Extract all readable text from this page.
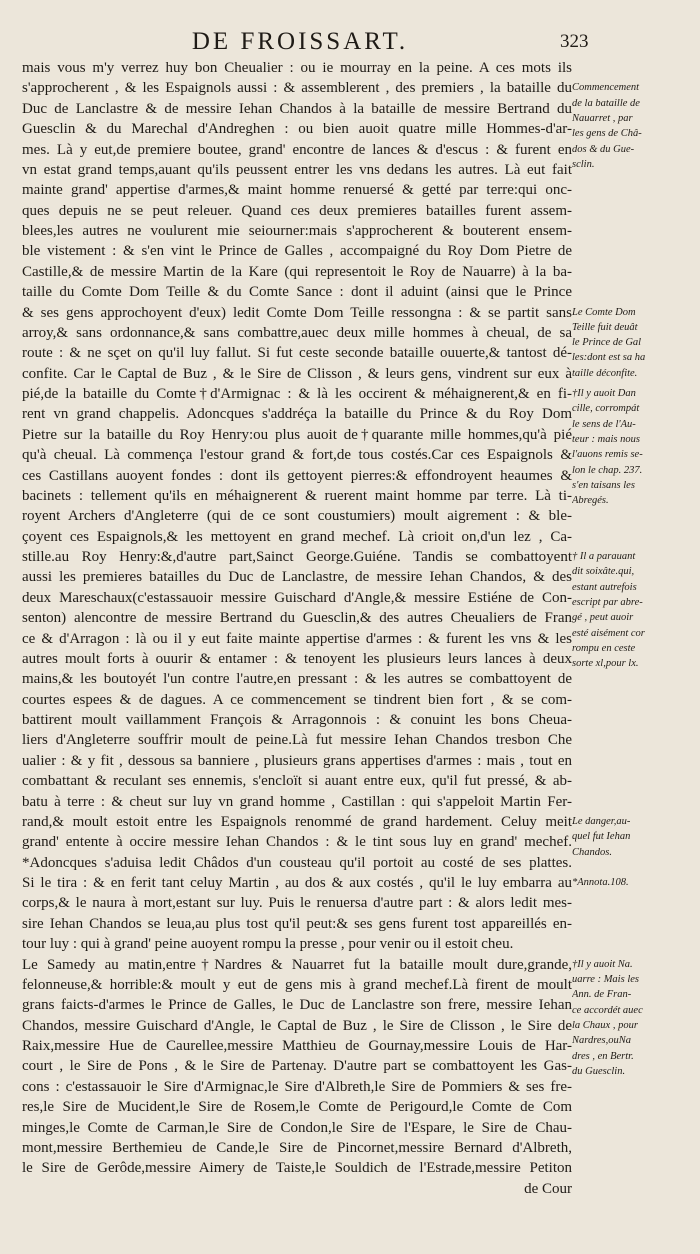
DE FROISSART.	323
mais vous m'y verrez huy bon Cheualier : ou ie mourray en la peine. A ces mots ils
s'approcherent , & les Espaignols aussi : & assemblerent , des premiers , la bataille du
Duc de Lanclastre & de messire Iehan Chandos à la bataille de messire Bertrand du
Guesclin & du Marechal d'Andreghen : ou bien auoit quatre mille Hommes-d'ar-
mes. Là y eut,de premiere boutee, grand' encontre de lances & d'escus : & furent en
vn estat grand temps,auant qu'ils peussent entrer les vns dedans les autres. Là eut fait
mainte grand' appertise d'armes,& maint homme renuersé & getté par terre:qui onc-
ques depuis ne se peut releuer. Quand ces deux premieres batailles furent assem-
blees,les autres ne voulurent mie seiourner:mais s'approcherent & bouterent ensem-
ble vistement : & s'en vint le Prince de Galles , accompaigné du Roy Dom Pietre de
Castille,& de messire Martin de la Kare (qui representoit le Roy de Nauarre) à la ba-
taille du Comte Dom Teille & du Comte Sance : dont il aduint (ainsi que le Prince
& ses gens approchoyent d'eux) ledit Comte Dom Teille ressongna : & se partit sans
arroy,& sans ordonnance,& sans combattre,auec deux mille hommes à cheual, de sa
route : & ne sçet on qu'il luy fallut. Si fut ceste seconde bataille ouuerte,& tantost dé-
confite. Car le Captal de Buz , & le Sire de Clisson , & leurs gens, vindrent sur eux à
pié,de la bataille du Comte†d'Armignac : & là les occirent & méhaignerent,& en fi-
rent vn grand chappelis. Adoncques s'addréça la bataille du Prince & du Roy Dom
Pietre sur la bataille du Roy Henry:ou plus auoit de†quarante mille hommes,qu'à pié
qu'à cheual. Là commença l'estour grand & fort,de tous costés.Car ces Espaignols &
ces Castillans auoyent fondes : dont ils gettoyent pierres:& effondroyent heaumes &
bacinets : tellement qu'ils en méhaignerent & ruerent maint homme par terre. Là ti-
royent Archers d'Angleterre (qui de ce sont coustumiers) moult aigrement : & ble-
çoyent ces Espaignols,& les mettoyent en grand mechef. Là crioit on,d'un lez , Ca-
stille.au Roy Henry:&,d'autre part,Sainct George.Guiéne. Tandis se combattoyent
aussi les premieres batailles du Duc de Lanclastre, de messire Iehan Chandos, & des
deux Mareschaux(c'estassauoir messire Guischard d'Angle,& messire Estiéne de Con-
senton) alencontre de messire Bertrand du Guesclin,& des autres Cheualiers de Fran
ce & d'Arragon : là ou il y eut faite mainte appertise d'armes : & furent les vns & les
autres moult forts à ouurir & entamer : & tenoyent les plusieurs leurs lances à deux
mains,& les boutoyét l'un contre l'autre,en pressant : & les autres se combattoyent de
courtes espees & de dagues. A ce commencement se tindrent bien fort , & se com-
battirent moult vaillamment François & Arragonnois : & conuint les bons Cheua-
liers d'Angleterre souffrir moult de peine.Là fut messire Iehan Chandos tresbon Che
ualier : & y fit , dessous sa banniere , plusieurs grans appertises d'armes : mais , tout en
combattant & reculant ses ennemis, s'encloït si auant entre eux, qu'il fut pressé, & ab-
batu à terre : & cheut sur luy vn grand homme , Castillan : qui s'appeloit Martin Fer-
rand,& moult estoit entre les Espaignols renommé de grand hardement. Celuy meit
grand' entente à occire messire Iehan Chandos : & le tint sous luy en grand' mechef.
*Adoncques s'aduisa ledit Châdos d'un cousteau qu'il portoit au costé de ses plattes.
Si le tira : & en ferit tant celuy Martin , au dos & aux costés , qu'il le luy embarra au
corps,& le naura à mort,estant sur luy. Puis le renuersa d'autre part : & alors ledit mes-
sire Iehan Chandos se leua,au plus tost qu'il peut:& ses gens furent tost appareillés en-
tour luy : qui à grand' peine auoyent rompu la presse , pour venir ou il estoit cheu.
Le Samedy au matin,entre†Nardres & Nauarret fut la bataille moult dure,grande,
felonneuse,& horrible:& moult y eut de gens mis à grand mechef.Là firent de moult
grans faicts-d'armes le Prince de Galles, le Duc de Lanclastre son frere, messire Iehan
Chandos, messire Guischard d'Angle, le Captal de Buz , le Sire de Clisson , le Sire de
Raix,messire Hue de Caurellee,messire Matthieu de Gournay,messire Louis de Har-
court , le Sire de Pons , & le Sire de Partenay. D'autre part se combattoyent les Gas-
cons : c'estassauoir le Sire d'Armignac,le Sire d'Albreth,le Sire de Pommiers & ses fre-
res,le Sire de Mucident,le Sire de Rosem,le Comte de Perigourd,le Comte de Com
minges,le Comte de Carman,le Sire de Condon,le Sire de l'Espare, le Sire de Chau-
mont,messire Berthemieu de Cande,le Sire de Pincornet,messire Bernard d'Albreth,
le Sire de Gerôde,messire Aimery de Taiste,le Souldich de l'Estrade,messire Petiton
de Cour
Commencement
de la bataille de
Nauarret , par
les gens de Châ-
dos & du Gue-
sclin.
Le Comte Dom
Teille fuit deuât
le Prince de Gal
les:dont est sa ha
taille déconfite.
†Il y auoit Dan
cille, corrompát
le sens de l'Au-
teur : mais nous
l'auons remis se-
lon le chap. 237.
s'en taisans les
Abregés.
† Il a parauant
dit soixâte.qui,
estant autrefois
escript par abre-
gé , peut auoir
esté aisément cor
rompu en ceste
sorte xl,pour lx.
Le danger,au-
quel fut Iehan
Chandos.
*Annota.108.
†Il y auoit Na.
uarre : Mais les
Ann. de Fran-
ce accordét auec
la Chaux , pour
Nardres,ouNa
dres , en Bertr.
du Guesclin.
